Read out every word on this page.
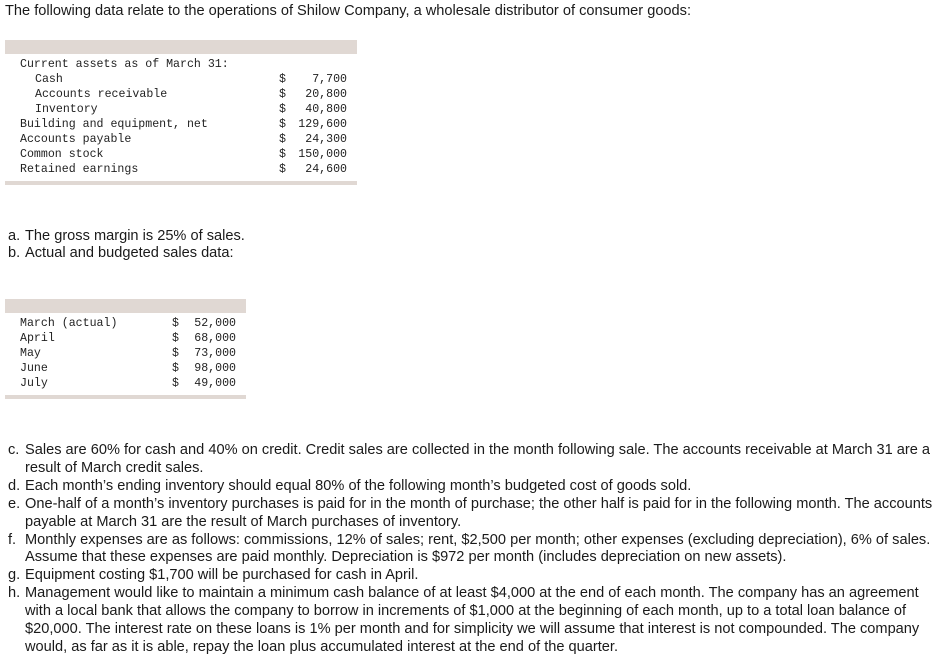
The following data relate to the operations of Shilow Company, a wholesale distributor of consumer goods:
Current assets as of March 31:
Cash	$ 7,700
Accounts receivable	$ 20,800
Inventory	$ 40,800
Building and equipment, net	$ 129,600
Accounts payable	$ 24,300
Common stock	$ 150,000
Retained earnings	$ 24,600
a. The gross margin is 25% of sales.
b. Actual and budgeted sales data:
March (actual)	$ 52,000
April	$ 68,000
May	$ 73,000
June	$ 98,000
July	$ 49,000
c. Sales are 60% for cash and 40% on credit. Credit sales are collected in the month following sale. The accounts receivable at March 31 are a result of March credit sales.
d. Each month’s ending inventory should equal 80% of the following month’s budgeted cost of goods sold.
e. One-half of a month’s inventory purchases is paid for in the month of purchase; the other half is paid for in the following month. The accounts payable at March 31 are the result of March purchases of inventory.
f. Monthly expenses are as follows: commissions, 12% of sales; rent, $2,500 per month; other expenses (excluding depreciation), 6% of sales. Assume that these expenses are paid monthly. Depreciation is $972 per month (includes depreciation on new assets).
g. Equipment costing $1,700 will be purchased for cash in April.
h. Management would like to maintain a minimum cash balance of at least $4,000 at the end of each month. The company has an agreement with a local bank that allows the company to borrow in increments of $1,000 at the beginning of each month, up to a total loan balance of $20,000. The interest rate on these loans is 1% per month and for simplicity we will assume that interest is not compounded. The company would, as far as it is able, repay the loan plus accumulated interest at the end of the quarter.
